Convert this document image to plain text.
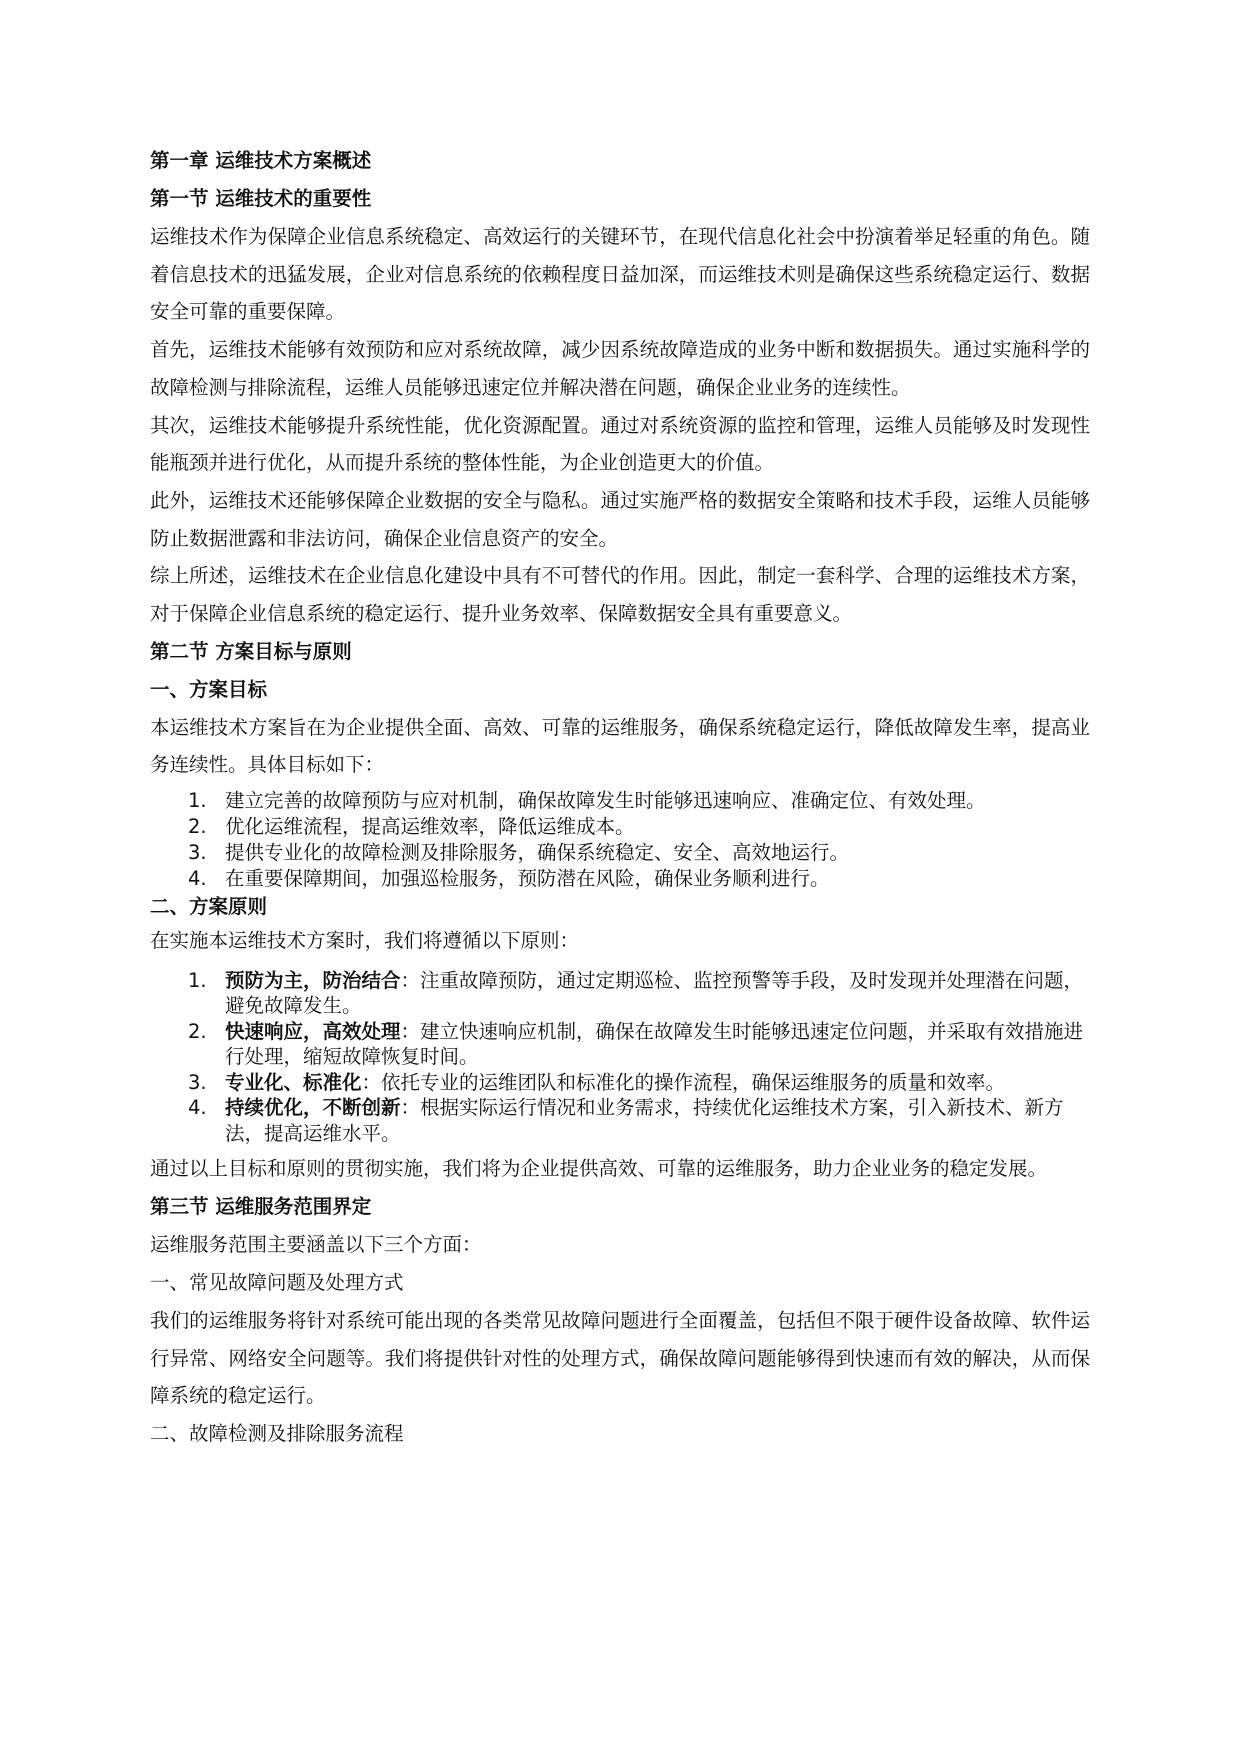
第一章 运维技术方案概述
第一节 运维技术的重要性

运维技术作为保障企业信息系统稳定、高效运行的关键环节，在现代信息化社会中扮演着举足轻重的角色。随着信息技术的迅猛发展，企业对信息系统的依赖程度日益加深，而运维技术则是确保这些系统稳定运行、数据安全可靠的重要保障。

首先，运维技术能够有效预防和应对系统故障，减少因系统故障造成的业务中断和数据损失。通过实施科学的故障检测与排除流程，运维人员能够迅速定位并解决潜在问题，确保企业业务的连续性。

其次，运维技术能够提升系统性能，优化资源配置。通过对系统资源的监控和管理，运维人员能够及时发现性能瓶颈并进行优化，从而提升系统的整体性能，为企业创造更大的价值。

此外，运维技术还能够保障企业数据的安全与隐私。通过实施严格的数据安全策略和技术手段，运维人员能够防止数据泄露和非法访问，确保企业信息资产的安全。

综上所述，运维技术在企业信息化建设中具有不可替代的作用。因此，制定一套科学、合理的运维技术方案，对于保障企业信息系统的稳定运行、提升业务效率、保障数据安全具有重要意义。

第二节 方案目标与原则
一、方案目标

本运维技术方案旨在为企业提供全面、高效、可靠的运维服务，确保系统稳定运行，降低故障发生率，提高业务连续性。具体目标如下：

1. 建立完善的故障预防与应对机制，确保故障发生时能够迅速响应、准确定位、有效处理。
2. 优化运维流程，提高运维效率，降低运维成本。
3. 提供专业化的故障检测及排除服务，确保系统稳定、安全、高效地运行。
4. 在重要保障期间，加强巡检服务，预防潜在风险，确保业务顺利进行。
二、方案原则

在实施本运维技术方案时，我们将遵循以下原则：

1. 预防为主，防治结合：注重故障预防，通过定期巡检、监控预警等手段，及时发现并处理潜在问题，避免故障发生。
2. 快速响应，高效处理：建立快速响应机制，确保在故障发生时能够迅速定位问题，并采取有效措施进行处理，缩短故障恢复时间。
3. 专业化、标准化：依托专业的运维团队和标准化的操作流程，确保运维服务的质量和效率。
4. 持续优化，不断创新：根据实际运行情况和业务需求，持续优化运维技术方案，引入新技术、新方法，提高运维水平。

通过以上目标和原则的贯彻实施，我们将为企业提供高效、可靠的运维服务，助力企业业务的稳定发展。

第三节 运维服务范围界定

运维服务范围主要涵盖以下三个方面：

一、常见故障问题及处理方式

我们的运维服务将针对系统可能出现的各类常见故障问题进行全面覆盖，包括但不限于硬件设备故障、软件运行异常、网络安全问题等。我们将提供针对性的处理方式，确保故障问题能够得到快速而有效的解决，从而保障系统的稳定运行。

二、故障检测及排除服务流程
